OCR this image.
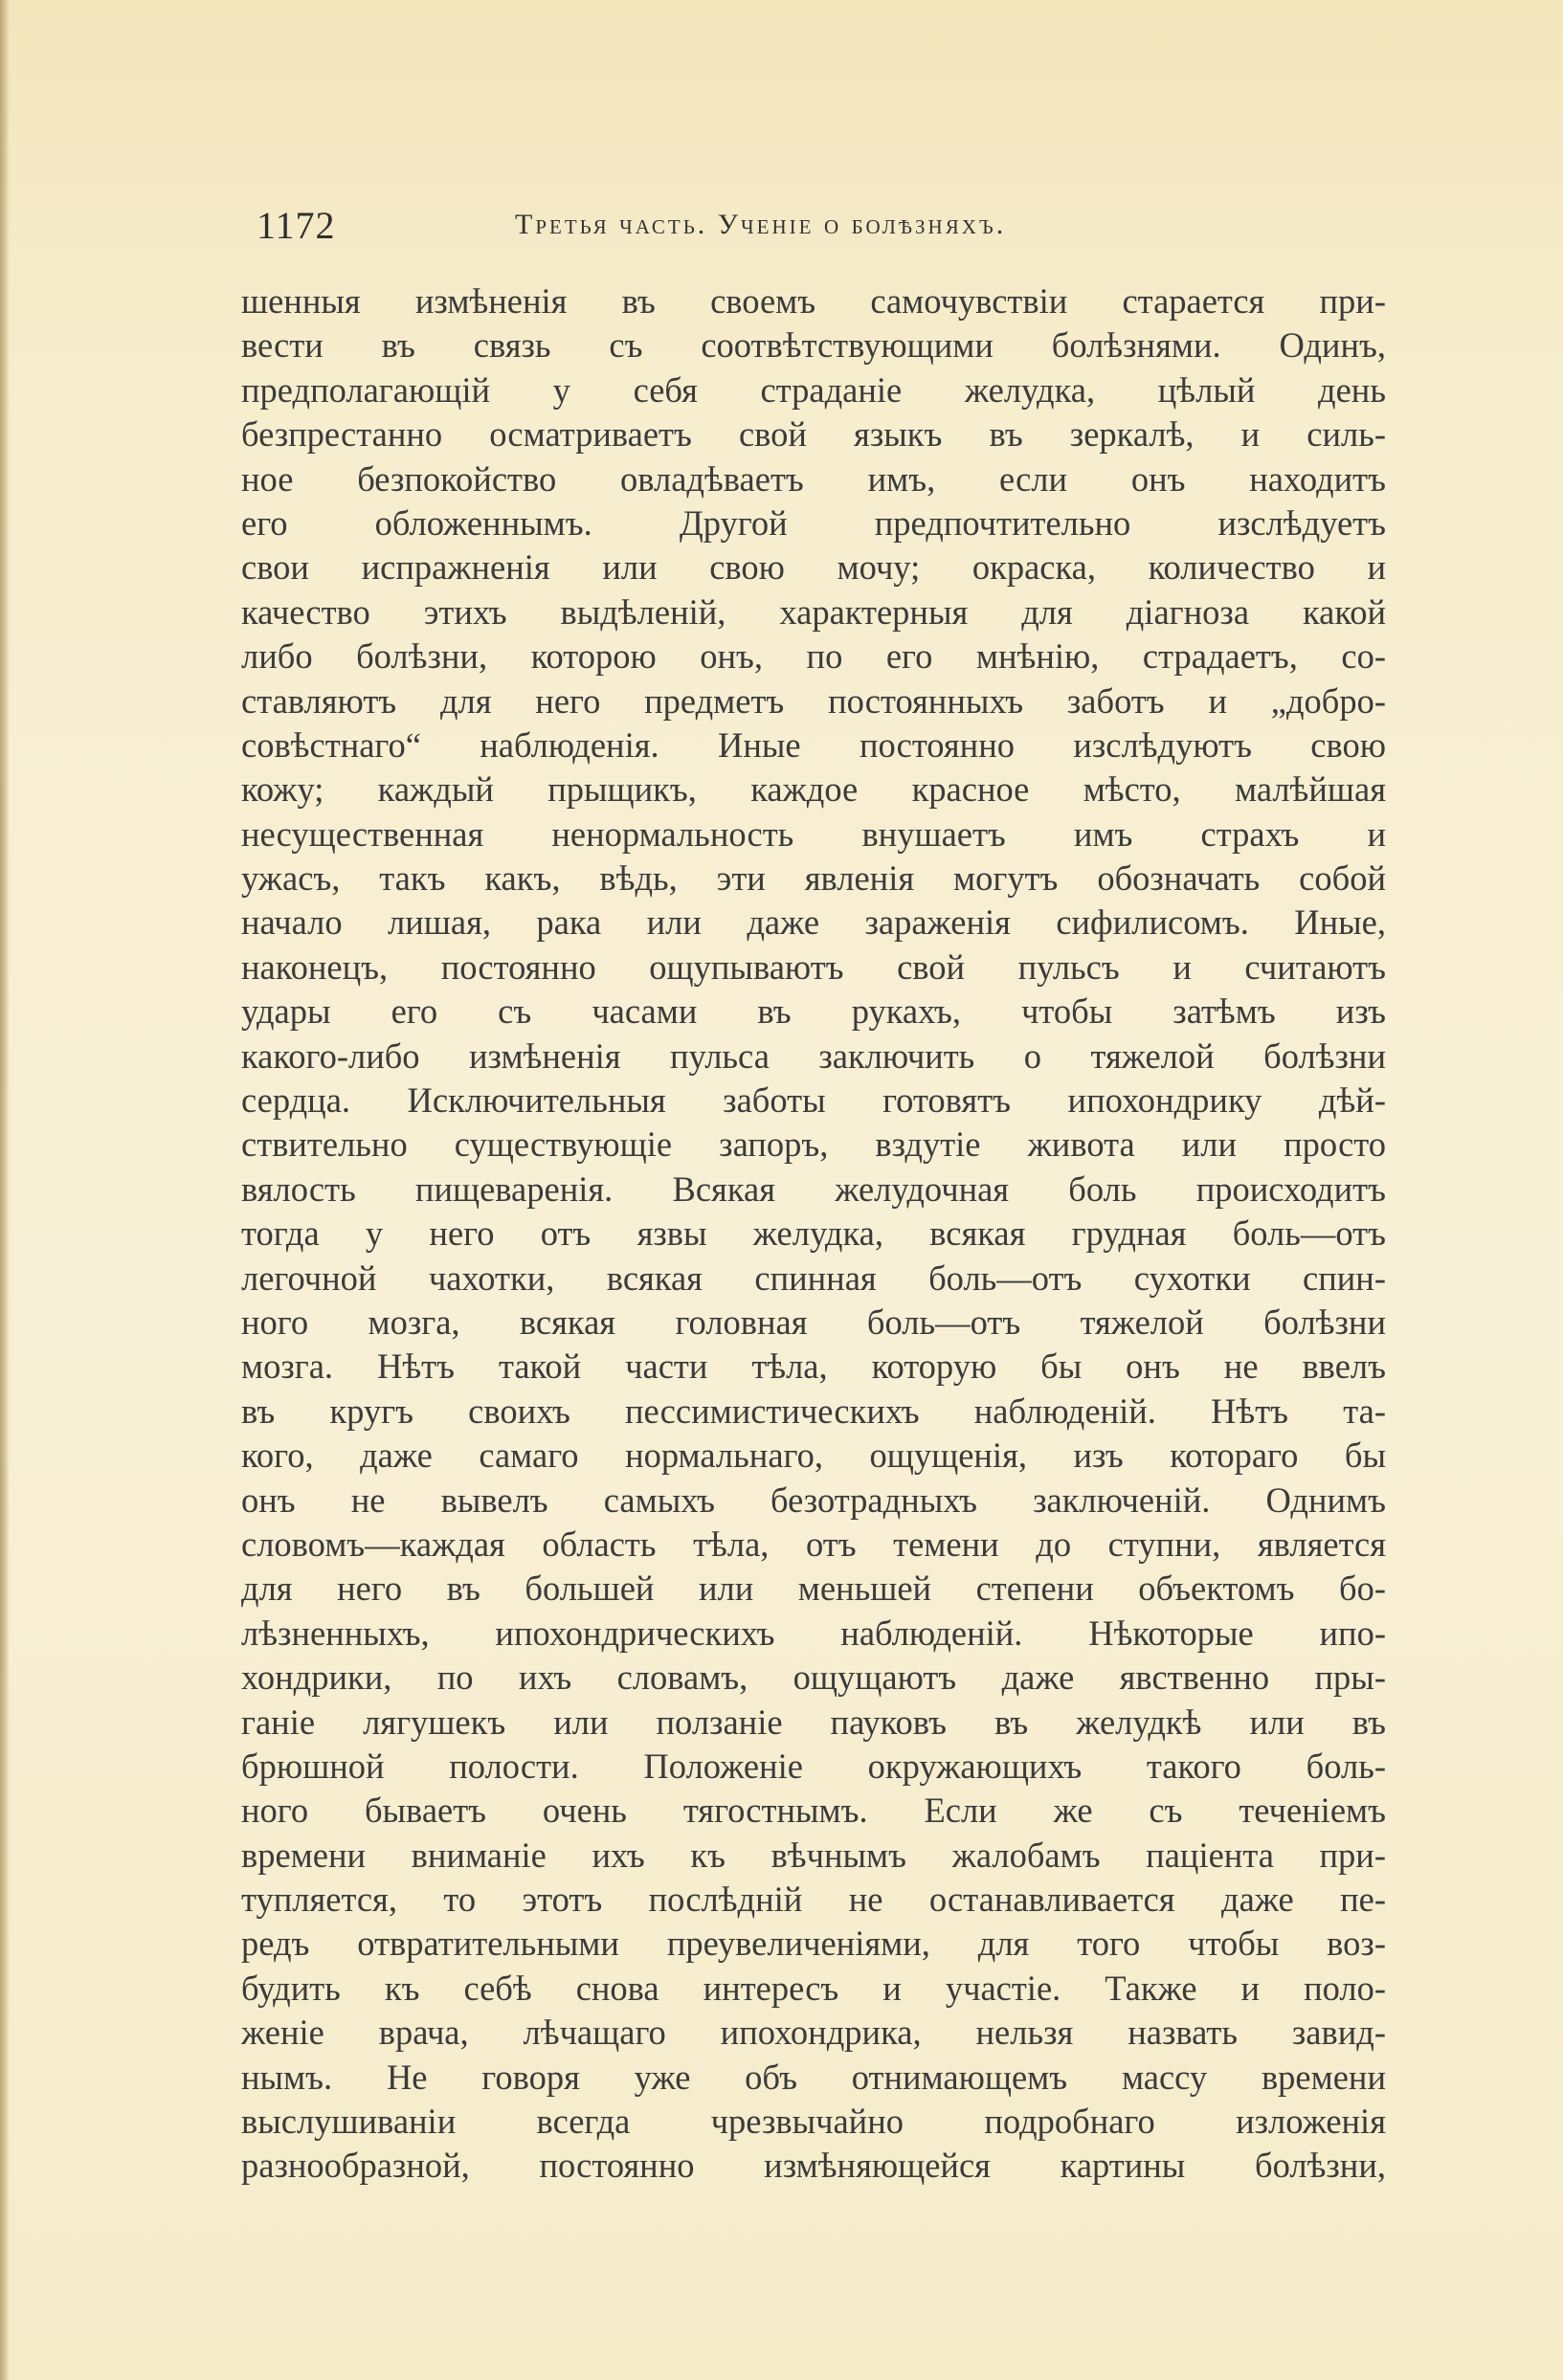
1172	Третья часть. Ученіе о болѣзняхъ.
шенныя измѣненія въ своемъ самочувствіи старается при-
вести въ связь съ соотвѣтствующими болѣзнями. Одинъ,
предполагающій у себя страданіе желудка, цѣлый день
безпрестанно осматриваетъ свой языкъ въ зеркалѣ, и силь-
ное безпокойство овладѣваетъ имъ, если онъ находитъ
его обложеннымъ. Другой предпочтительно изслѣдуетъ
свои испражненія или свою мочу; окраска, количество и
качество этихъ выдѣленій, характерныя для діагноза какой
либо болѣзни, которою онъ, по его мнѣнію, страдаетъ, со-
ставляютъ для него предметъ постоянныхъ заботъ и „добро-
совѣстнаго“ наблюденія. Иные постоянно изслѣдуютъ свою
кожу; каждый прыщикъ, каждое красное мѣсто, малѣйшая
несущественная ненормальность внушаетъ имъ страхъ и
ужасъ, такъ какъ, вѣдь, эти явленія могутъ обозначать собой
начало лишая, рака или даже зараженія сифилисомъ. Иные,
наконецъ, постоянно ощупываютъ свой пульсъ и считаютъ
удары его съ часами въ рукахъ, чтобы затѣмъ изъ
какого-либо измѣненія пульса заключить о тяжелой болѣзни
сердца. Исключительныя заботы готовятъ ипохондрику дѣй-
ствительно существующіе запоръ, вздутіе живота или просто
вялость пищеваренія. Всякая желудочная боль происходитъ
тогда у него отъ язвы желудка, всякая грудная боль—отъ
легочной чахотки, всякая спинная боль—отъ сухотки спин-
ного мозга, всякая головная боль—отъ тяжелой болѣзни
мозга. Нѣтъ такой части тѣла, которую бы онъ не ввелъ
въ кругъ своихъ пессимистическихъ наблюденій. Нѣтъ та-
кого, даже самаго нормальнаго, ощущенія, изъ котораго бы
онъ не вывелъ самыхъ безотрадныхъ заключеній. Однимъ
словомъ—каждая область тѣла, отъ темени до ступни, является
для него въ большей или меньшей степени объектомъ бо-
лѣзненныхъ, ипохондрическихъ наблюденій. Нѣкоторые ипо-
хондрики, по ихъ словамъ, ощущаютъ даже явственно пры-
ганіе лягушекъ или ползаніе пауковъ въ желудкѣ или въ
брюшной полости. Положеніе окружающихъ такого боль-
ного бываетъ очень тягостнымъ. Если же съ теченіемъ
времени вниманіе ихъ къ вѣчнымъ жалобамъ паціента при-
тупляется, то этотъ послѣдній не останавливается даже пе-
редъ отвратительными преувеличеніями, для того чтобы воз-
будить къ себѣ снова интересъ и участіе. Также и поло-
женіе врача, лѣчащаго ипохондрика, нельзя назвать завид-
нымъ. Не говоря уже объ отнимающемъ массу времени
выслушиваніи всегда чрезвычайно подробнаго изложенія
разнообразной, постоянно измѣняющейся картины болѣзни,
